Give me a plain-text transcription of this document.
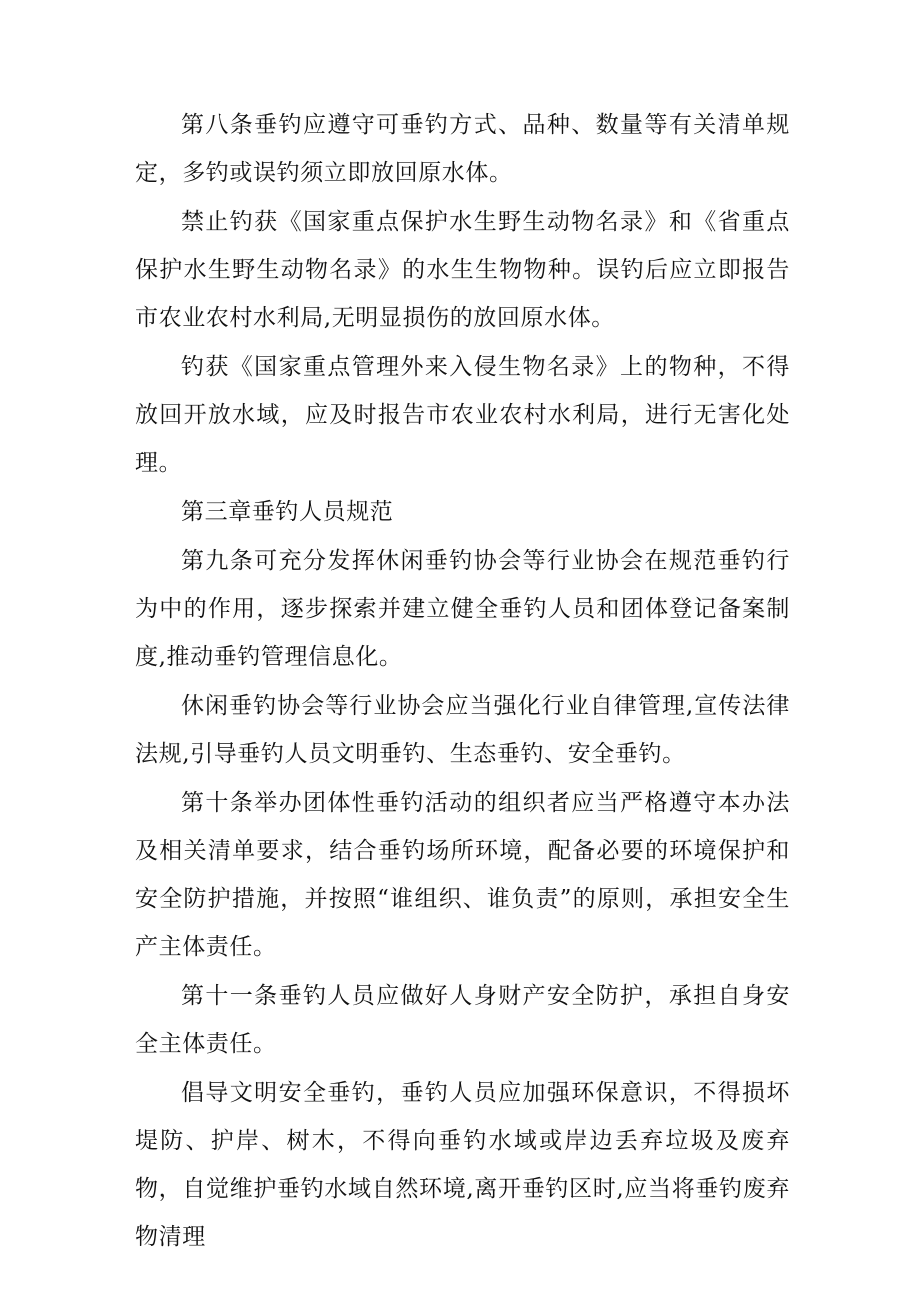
第八条垂钓应遵守可垂钓方式、品种、数量等有关清单规定，多钓或误钓须立即放回原水体。

禁止钓获《国家重点保护水生野生动物名录》和《省重点保护水生野生动物名录》的水生生物物种。误钓后应立即报告市农业农村水利局,无明显损伤的放回原水体。

钓获《国家重点管理外来入侵生物名录》上的物种，不得放回开放水域，应及时报告市农业农村水利局，进行无害化处理。

第三章垂钓人员规范

第九条可充分发挥休闲垂钓协会等行业协会在规范垂钓行为中的作用，逐步探索并建立健全垂钓人员和团体登记备案制度,推动垂钓管理信息化。

休闲垂钓协会等行业协会应当强化行业自律管理,宣传法律法规,引导垂钓人员文明垂钓、生态垂钓、安全垂钓。

第十条举办团体性垂钓活动的组织者应当严格遵守本办法及相关清单要求，结合垂钓场所环境，配备必要的环境保护和安全防护措施，并按照“谁组织、谁负责”的原则，承担安全生产主体责任。

第十一条垂钓人员应做好人身财产安全防护，承担自身安全主体责任。

倡导文明安全垂钓，垂钓人员应加强环保意识，不得损坏堤防、护岸、树木，不得向垂钓水域或岸边丢弃垃圾及废弃物，自觉维护垂钓水域自然环境,离开垂钓区时,应当将垂钓废弃物清理
